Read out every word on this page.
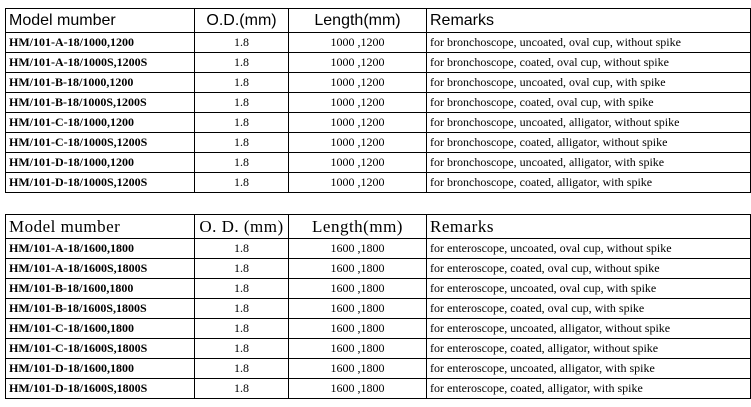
Model mumber	O.D.(mm)	Length(mm)	Remarks
HM/101-A-18/1000,1200	1.8	1000 ,1200	for bronchoscope, uncoated, oval cup, without spike
HM/101-A-18/1000S,1200S	1.8	1000 ,1200	for bronchoscope, coated, oval cup, without spike
HM/101-B-18/1000,1200	1.8	1000 ,1200	for bronchoscope, uncoated, oval cup, with spike
HM/101-B-18/1000S,1200S	1.8	1000 ,1200	for bronchoscope, coated, oval cup, with spike
HM/101-C-18/1000,1200	1.8	1000 ,1200	for bronchoscope, uncoated, alligator, without spike
HM/101-C-18/1000S,1200S	1.8	1000 ,1200	for bronchoscope, coated, alligator, without spike
HM/101-D-18/1000,1200	1.8	1000 ,1200	for bronchoscope, uncoated, alligator, with spike
HM/101-D-18/1000S,1200S	1.8	1000 ,1200	for bronchoscope, coated, alligator, with spike
Model mumber	O. D. (mm)	Length(mm)	Remarks
HM/101-A-18/1600,1800	1.8	1600 ,1800	for enteroscope, uncoated, oval cup, without spike
HM/101-A-18/1600S,1800S	1.8	1600 ,1800	for enteroscope, coated, oval cup, without spike
HM/101-B-18/1600,1800	1.8	1600 ,1800	for enteroscope, uncoated, oval cup, with spike
HM/101-B-18/1600S,1800S	1.8	1600 ,1800	for enteroscope, coated, oval cup, with spike
HM/101-C-18/1600,1800	1.8	1600 ,1800	for enteroscope, uncoated, alligator, without spike
HM/101-C-18/1600S,1800S	1.8	1600 ,1800	for enteroscope, coated, alligator, without spike
HM/101-D-18/1600,1800	1.8	1600 ,1800	for enteroscope, uncoated, alligator, with spike
HM/101-D-18/1600S,1800S	1.8	1600 ,1800	for enteroscope, coated, alligator, with spike
